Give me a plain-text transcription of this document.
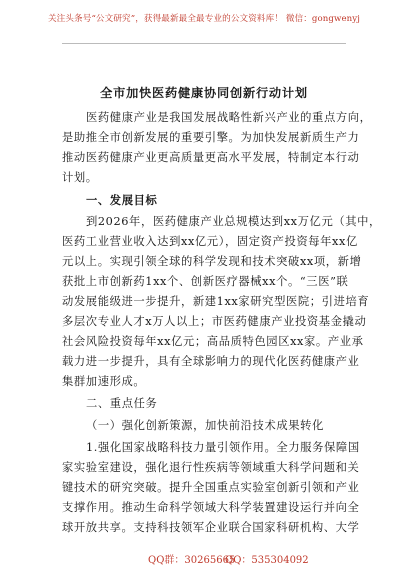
关注头条号“公文研究”，获得最新最全最专业的公文资料库！ 微信：gongwenyj
全市加快医药健康协同创新行动计划
医药健康产业是我国发展战略性新兴产业的重点方向，
是助推全市创新发展的重要引擎。为加快发展新质生产力
推动医药健康产业更高质量更高水平发展，特制定本行动
计划。
一、发展目标
到2026年，医药健康产业总规模达到xx万亿元（其中，
医药工业营业收入达到xx亿元），固定资产投资每年xx亿
元以上。实现引领全球的科学发现和技术突破xx项，新增
获批上市创新药1xx个、创新医疗器械xx个。“三医”联
动发展能级进一步提升，新建1xx家研究型医院；引进培育
多层次专业人才x万人以上；市医药健康产业投资基金撬动
社会风险投资每年xx亿元；高品质特色园区xx家。产业承
载力进一步提升，具有全球影响力的现代化医药健康产业
集群加速形成。
二、重点任务
（一）强化创新策源，加快前沿技术成果转化
1.强化国家战略科技力量引领作用。全力服务保障国
家实验室建设，强化退行性疾病等领域重大科学问题和关
键技术的研究突破。提升全国重点实验室创新引领和产业
支撑作用。推动生命科学领域大科学装置建设运行并向全
球开放共享。支持科技领军企业联合国家科研机构、大学
QQ群：30265665
QQ：535304092
